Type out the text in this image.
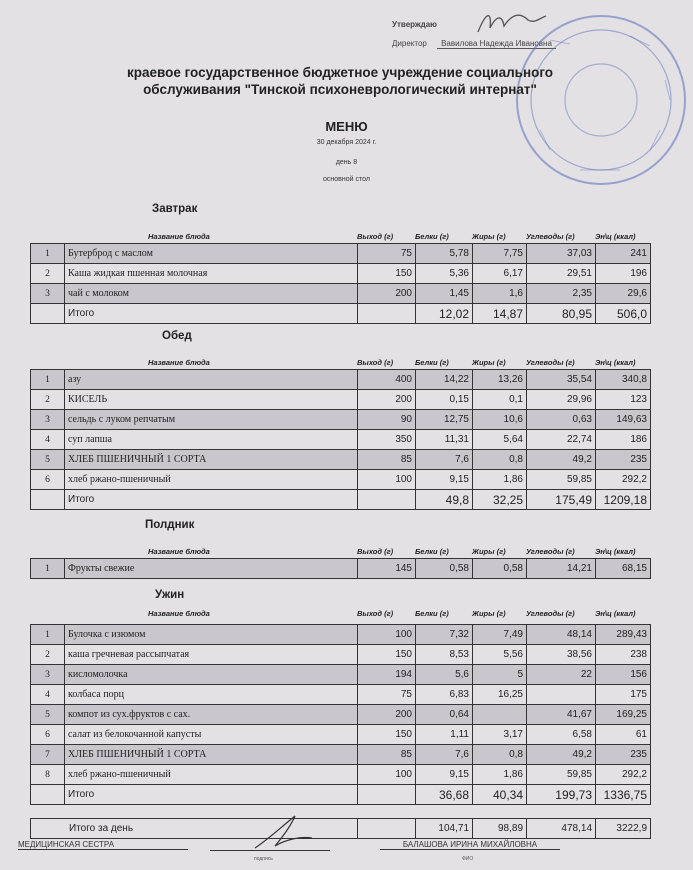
Утверждаю
Директор Вавилова Надежда Ивановна
краевое государственное бюджетное учреждение социального
обслуживания "Тинской психоневрологический интернат"
МЕНЮ
30 декабря 2024 г.
день 8
основной стол
Завтрак
	Название блюда	Выход (г)	Белки (г)	Жиры (г)	Углеводы (г)	Эн\ц (ккал)
1	Бутерброд с маслом	75	5,78	7,75	37,03	241
2	Каша жидкая пшенная молочная	150	5,36	6,17	29,51	196
3	чай с молоком	200	1,45	1,6	2,35	29,6
	Итого		12,02	14,87	80,95	506,0
Обед
	Название блюда	Выход (г)	Белки (г)	Жиры (г)	Углеводы (г)	Эн\ц (ккал)
1	азу	400	14,22	13,26	35,54	340,8
2	КИСЕЛЬ	200	0,15	0,1	29,96	123
3	сельдь с луком репчатым	90	12,75	10,6	0,63	149,63
4	суп лапша	350	11,31	5,64	22,74	186
5	ХЛЕБ ПШЕНИЧНЫЙ 1 СОРТА	85	7,6	0,8	49,2	235
6	хлеб ржано-пшеничный	100	9,15	1,86	59,85	292,2
	Итого		49,8	32,25	175,49	1209,18
Полдник
	Название блюда	Выход (г)	Белки (г)	Жиры (г)	Углеводы (г)	Эн\ц (ккал)
1	Фрукты свежие	145	0,58	0,58	14,21	68,15
Ужин
	Название блюда	Выход (г)	Белки (г)	Жиры (г)	Углеводы (г)	Эн\ц (ккал)
1	Булочка с изюмом	100	7,32	7,49	48,14	289,43
2	каша гречневая рассыпчатая	150	8,53	5,56	38,56	238
3	кисломолочка	194	5,6	5	22	156
4	колбаса порц	75	6,83	16,25		175
5	компот из сух.фруктов с сах.	200	0,64		41,67	169,25
6	салат из белокочанной капусты	150	1,11	3,17	6,58	61
7	ХЛЕБ ПШЕНИЧНЫЙ 1 СОРТА	85	7,6	0,8	49,2	235
8	хлеб ржано-пшеничный	100	9,15	1,86	59,85	292,2
	Итого		36,68	40,34	199,73	1336,75
Итого за день		104,71	98,89	478,14	3222,9
МЕДИЦИНСКАЯ СЕСТРА
подпись
БАЛАШОВА ИРИНА МИХАЙЛОВНА
ФИО
